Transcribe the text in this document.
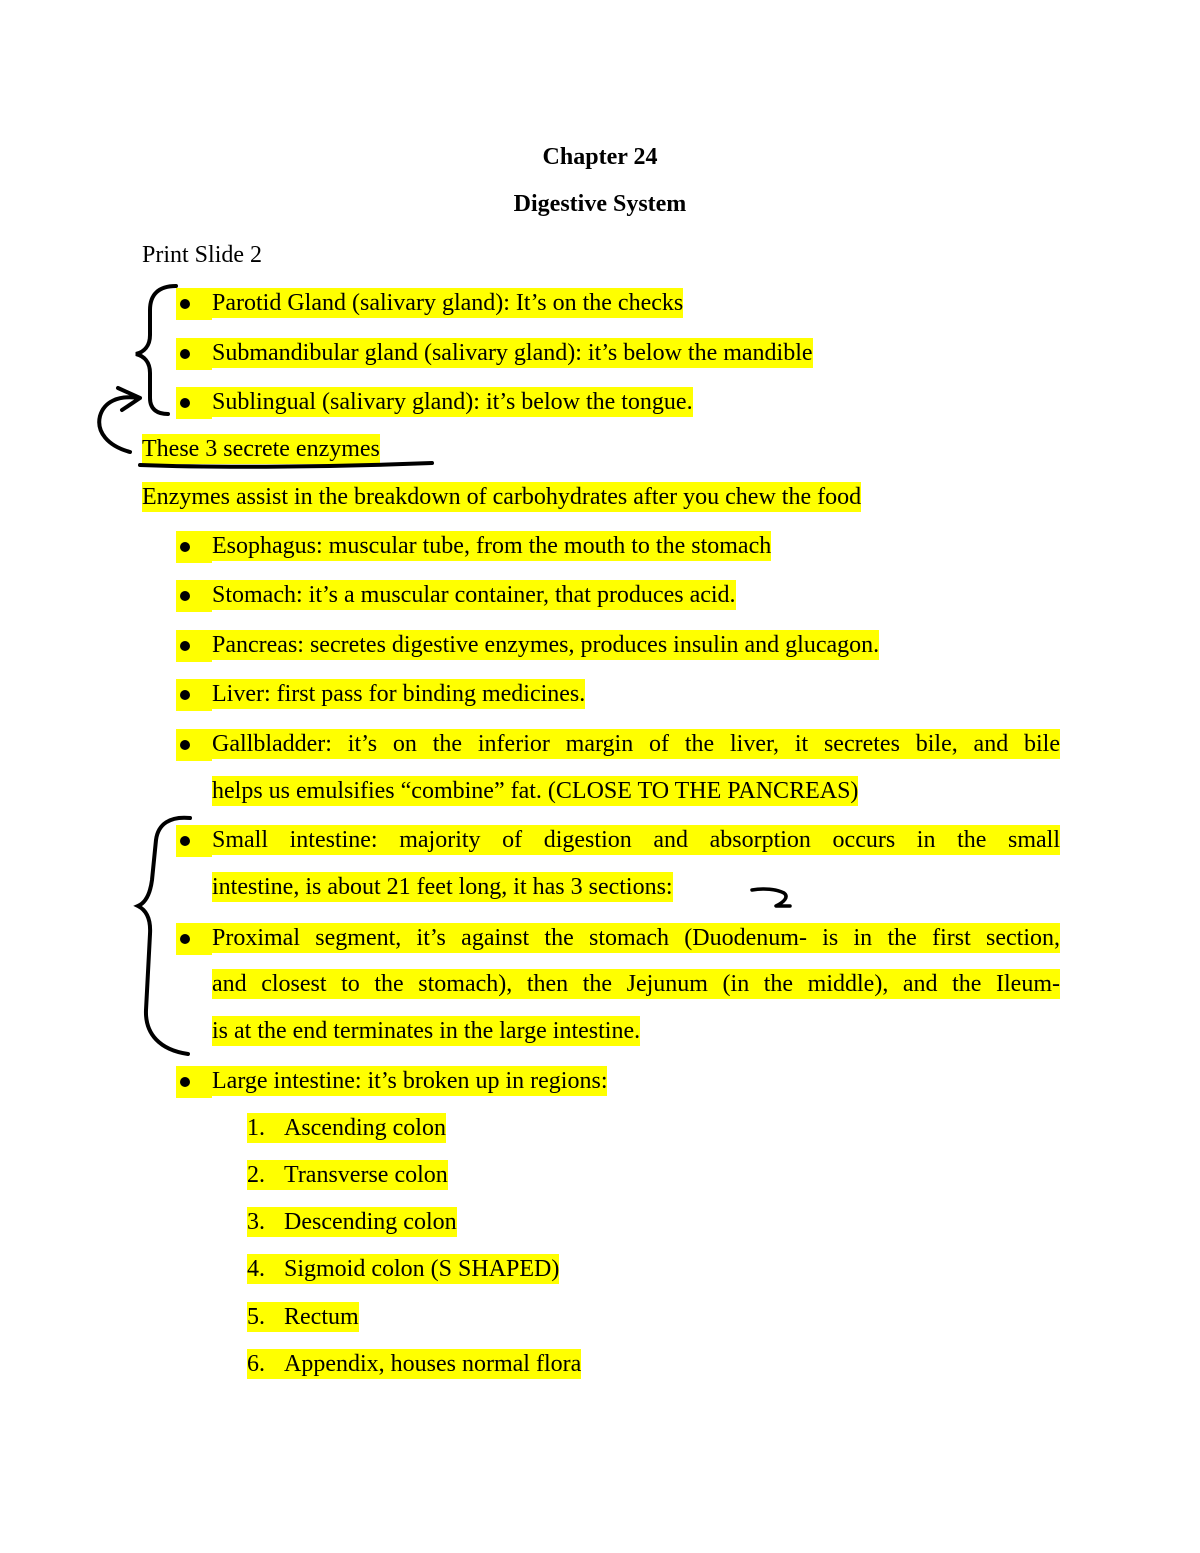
Chapter 24
Digestive System
Print Slide 2
Parotid Gland (salivary gland): It’s on the checks
Submandibular gland (salivary gland): it’s below the mandible
Sublingual (salivary gland): it’s below the tongue.
These 3 secrete enzymes
Enzymes assist in the breakdown of carbohydrates after you chew the food
Esophagus: muscular tube, from the mouth to the stomach
Stomach: it’s a muscular container, that produces acid.
Pancreas: secretes digestive enzymes, produces insulin and glucagon.
Liver: first pass for binding medicines.
Gallbladder: it’s on the inferior margin of the liver, it secretes bile, and bile
helps us emulsifies “combine” fat. (CLOSE TO THE PANCREAS)
Small intestine: majority of digestion and absorption occurs in the small
intestine, is about 21 feet long, it has 3 sections:
Proximal segment, it’s against the stomach (Duodenum- is in the first section,
and closest to the stomach), then the Jejunum (in the middle), and the Ileum-
is at the end terminates in the large intestine.
Large intestine: it’s broken up in regions:
1. Ascending colon
2. Transverse colon
3. Descending colon
4. Sigmoid colon (S SHAPED)
5. Rectum
6. Appendix, houses normal flora
